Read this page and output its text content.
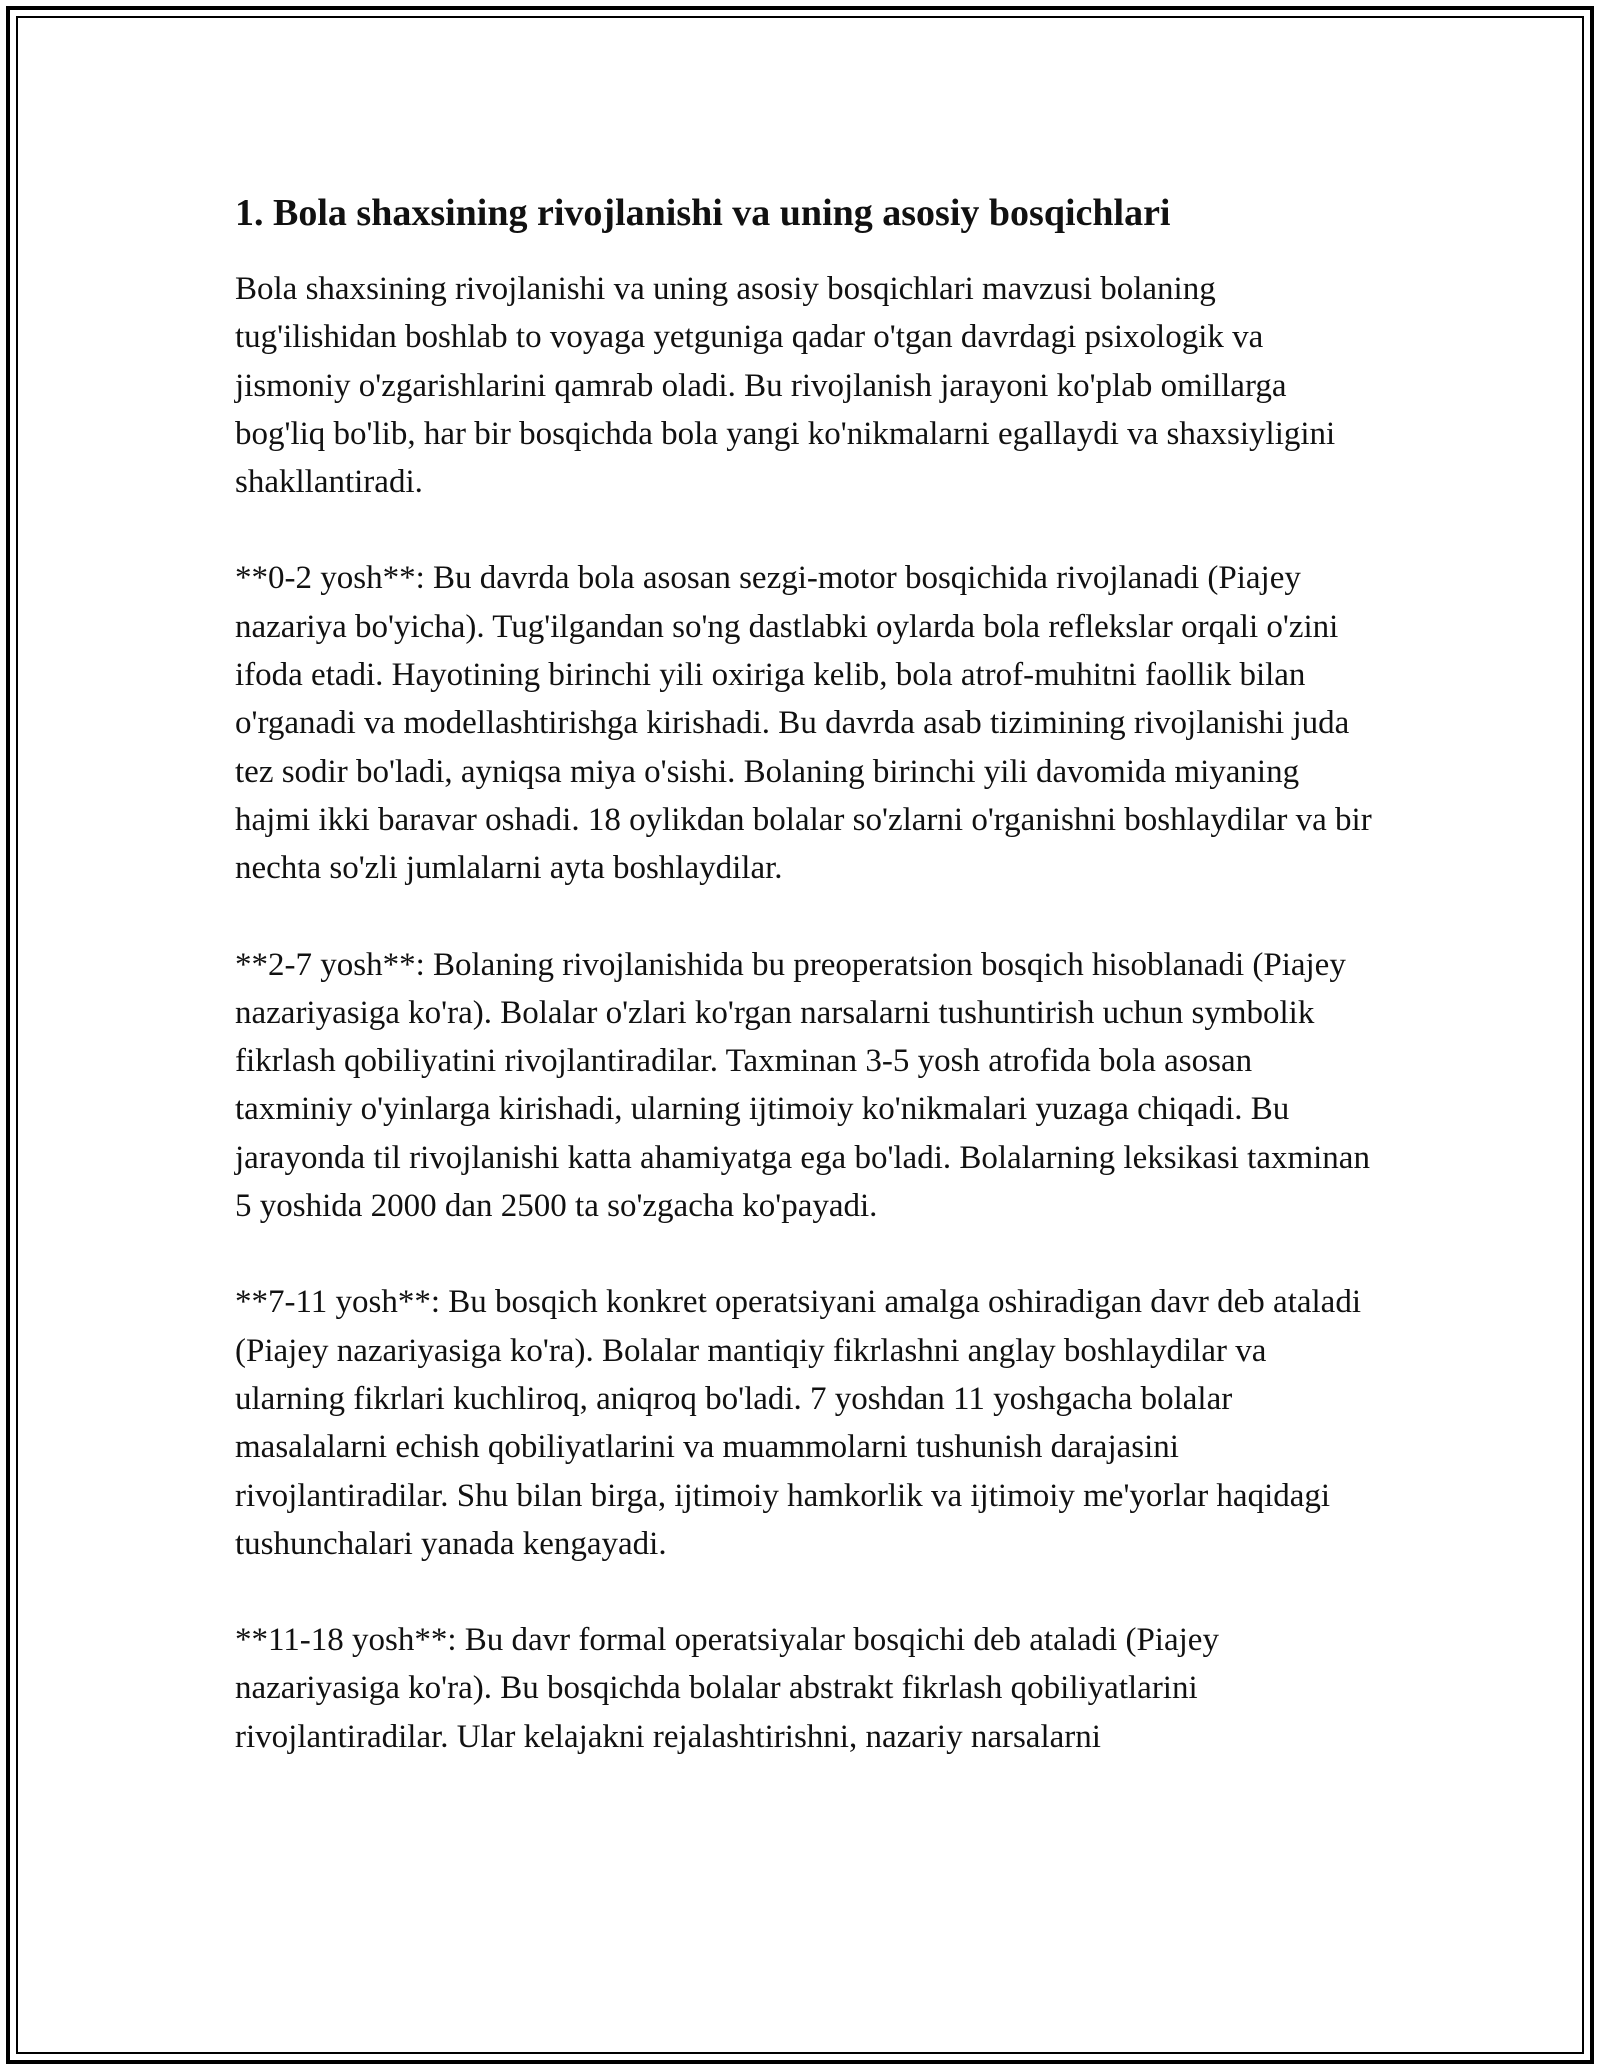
1. Bola shaxsining rivojlanishi va uning asosiy bosqichlari

Bola shaxsining rivojlanishi va uning asosiy bosqichlari mavzusi bolaning tug'ilishidan boshlab to voyaga yetguniga qadar o'tgan davrdagi psixologik va jismoniy o'zgarishlarini qamrab oladi. Bu rivojlanish jarayoni ko'plab omillarga bog'liq bo'lib, har bir bosqichda bola yangi ko'nikmalarni egallaydi va shaxsiyligini shakllantiradi.

**0-2 yosh**: Bu davrda bola asosan sezgi-motor bosqichida rivojlanadi (Piajey nazariya bo'yicha). Tug'ilgandan so'ng dastlabki oylarda bola reflekslar orqali o'zini ifoda etadi. Hayotining birinchi yili oxiriga kelib, bola atrof-muhitni faollik bilan o'rganadi va modellashtirishga kirishadi. Bu davrda asab tizimining rivojlanishi juda tez sodir bo'ladi, ayniqsa miya o'sishi. Bolaning birinchi yili davomida miyaning hajmi ikki baravar oshadi. 18 oylikdan bolalar so'zlarni o'rganishni boshlaydilar va bir nechta so'zli jumlalarni ayta boshlaydilar.

**2-7 yosh**: Bolaning rivojlanishida bu preoperatsion bosqich hisoblanadi (Piajey nazariyasiga ko'ra). Bolalar o'zlari ko'rgan narsalarni tushuntirish uchun symbolik fikrlash qobiliyatini rivojlantiradilar. Taxminan 3-5 yosh atrofida bola asosan taxminiy o'yinlarga kirishadi, ularning ijtimoiy ko'nikmalari yuzaga chiqadi. Bu jarayonda til rivojlanishi katta ahamiyatga ega bo'ladi. Bolalarning leksikasi taxminan 5 yoshida 2000 dan 2500 ta so'zgacha ko'payadi.

**7-11 yosh**: Bu bosqich konkret operatsiyani amalga oshiradigan davr deb ataladi (Piajey nazariyasiga ko'ra). Bolalar mantiqiy fikrlashni anglay boshlaydilar va ularning fikrlari kuchliroq, aniqroq bo'ladi. 7 yoshdan 11 yoshgacha bolalar masalalarni echish qobiliyatlarini va muammolarni tushunish darajasini rivojlantiradilar. Shu bilan birga, ijtimoiy hamkorlik va ijtimoiy me'yorlar haqidagi tushunchalari yanada kengayadi.

**11-18 yosh**: Bu davr formal operatsiyalar bosqichi deb ataladi (Piajey nazariyasiga ko'ra). Bu bosqichda bolalar abstrakt fikrlash qobiliyatlarini rivojlantiradilar. Ular kelajakni rejalashtirishni, nazariy narsalarni
